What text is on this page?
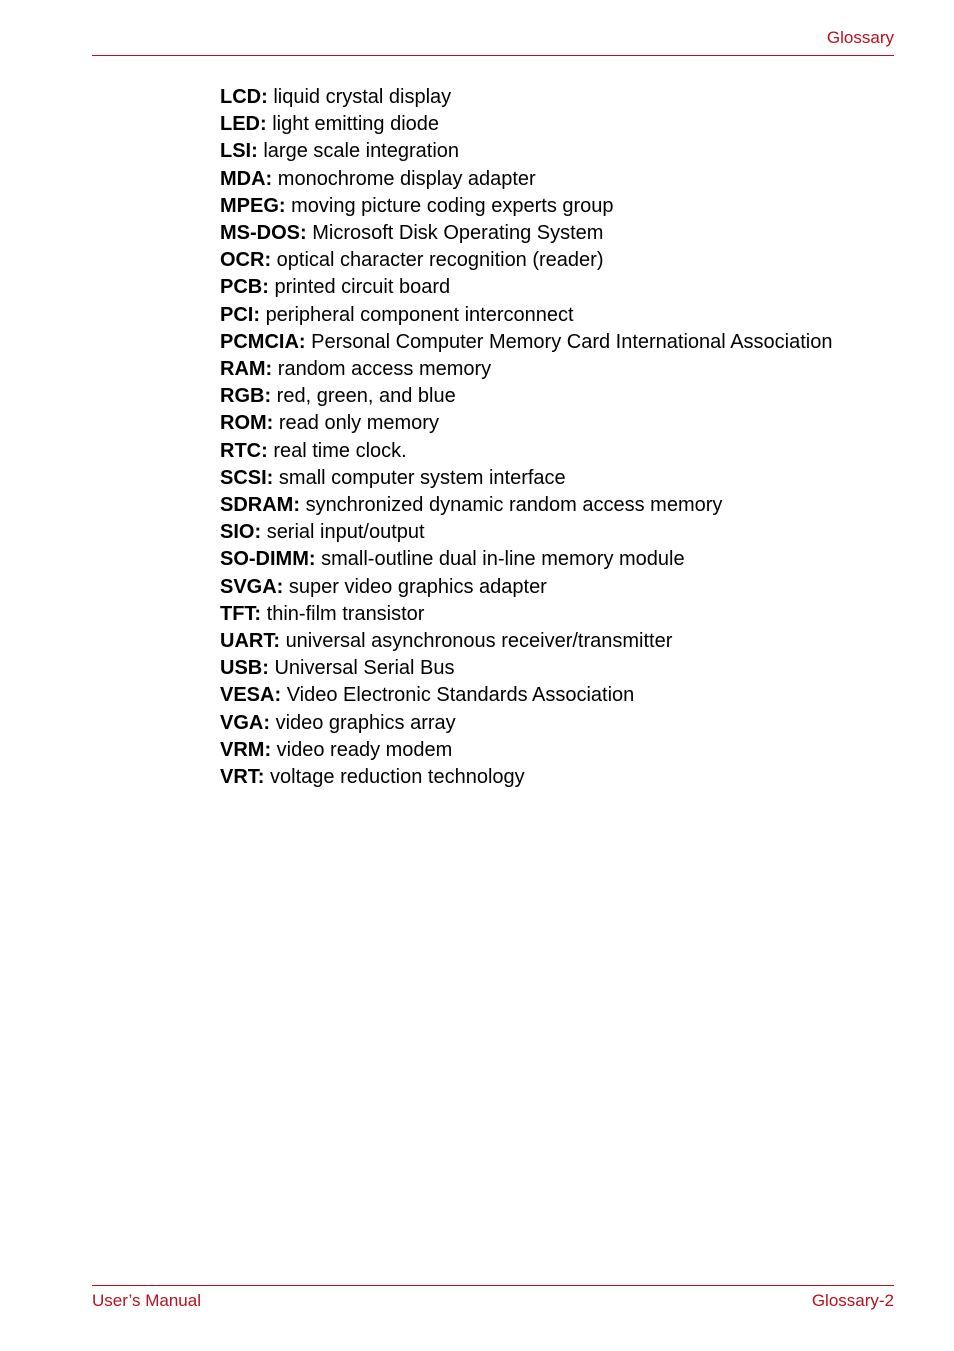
Glossary
LCD: liquid crystal display
LED: light emitting diode
LSI: large scale integration
MDA: monochrome display adapter
MPEG: moving picture coding experts group
MS-DOS: Microsoft Disk Operating System
OCR: optical character recognition (reader)
PCB: printed circuit board
PCI: peripheral component interconnect
PCMCIA: Personal Computer Memory Card International Association
RAM: random access memory
RGB: red, green, and blue
ROM: read only memory
RTC: real time clock.
SCSI: small computer system interface
SDRAM: synchronized dynamic random access memory
SIO: serial input/output
SO-DIMM: small-outline dual in-line memory module
SVGA: super video graphics adapter
TFT: thin-film transistor
UART: universal asynchronous receiver/transmitter
USB: Universal Serial Bus
VESA: Video Electronic Standards Association
VGA: video graphics array
VRM: video ready modem
VRT: voltage reduction technology
User’s Manual	Glossary-2
